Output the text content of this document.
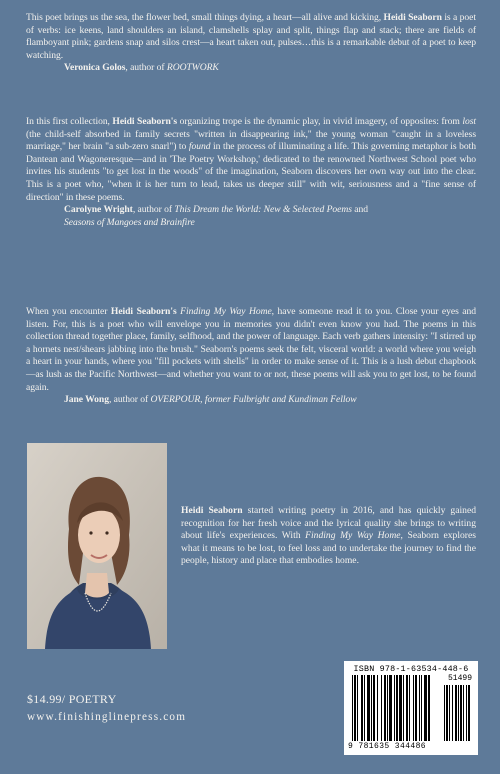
This poet brings us the sea, the flower bed, small things dying, a heart—all alive and kicking, Heidi Seaborn is a poet of verbs: ice keens, land shoulders an island, clamshells splay and split, things flap and stack; there are fields of flamboyant pink; gardens snap and silos crest—a heart taken out, pulses…this is a remarkable debut of a poet to keep watching.

Veronica Golos, author of ROOTWORK

In this first collection, Heidi Seaborn's organizing trope is the dynamic play, in vivid imagery, of opposites: from lost (the child-self absorbed in family secrets "written in disappearing ink," the young woman "caught in a loveless marriage," her brain "a sub-zero snarl") to found in the process of illuminating a life. This governing metaphor is both Dantean and Wagoneresque—and in 'The Poetry Workshop,' dedicated to the renowned Northwest School poet who invites his students "to get lost in the woods" of the imagination, Seaborn discovers her own way out into the clear. This is a poet who, "when it is her turn to lead, takes us deeper still" with wit, seriousness and a "fine sense of direction" in these poems.

Carolyne Wright, author of This Dream the World: New & Selected Poems and
Seasons of Mangoes and Brainfire

When you encounter Heidi Seaborn's Finding My Way Home, have someone read it to you. Close your eyes and listen. For, this is a poet who will envelope you in memories you didn't even know you had. The poems in this collection thread together place, family, selfhood, and the power of language. Each verb gathers intensity: "I stirred up a hornets nest/shears jabbing into the brush." Seaborn's poems seek the felt, visceral world: a world where you weigh a heart in your hands, where you "fill pockets with shells" in order to make sense of it. This is a lush debut chapbook—as lush as the Pacific Northwest—and whether you want to or not, these poems will ask you to get lost, to be found again.

Jane Wong, author of OVERPOUR, former Fulbright and Kundiman Fellow
Heidi Seaborn started writing poetry in 2016, and has quickly gained recognition for her fresh voice and the lyrical quality she brings to writing about life's experiences. With Finding My Way Home, Seaborn explores what it means to be lost, to feel loss and to undertake the journey to find the people, history and place that embodies home.
$14.99/ POETRY
www.finishinglinepress.com
ISBN 978-1-63534-448-6
51499
9 781635 344486
